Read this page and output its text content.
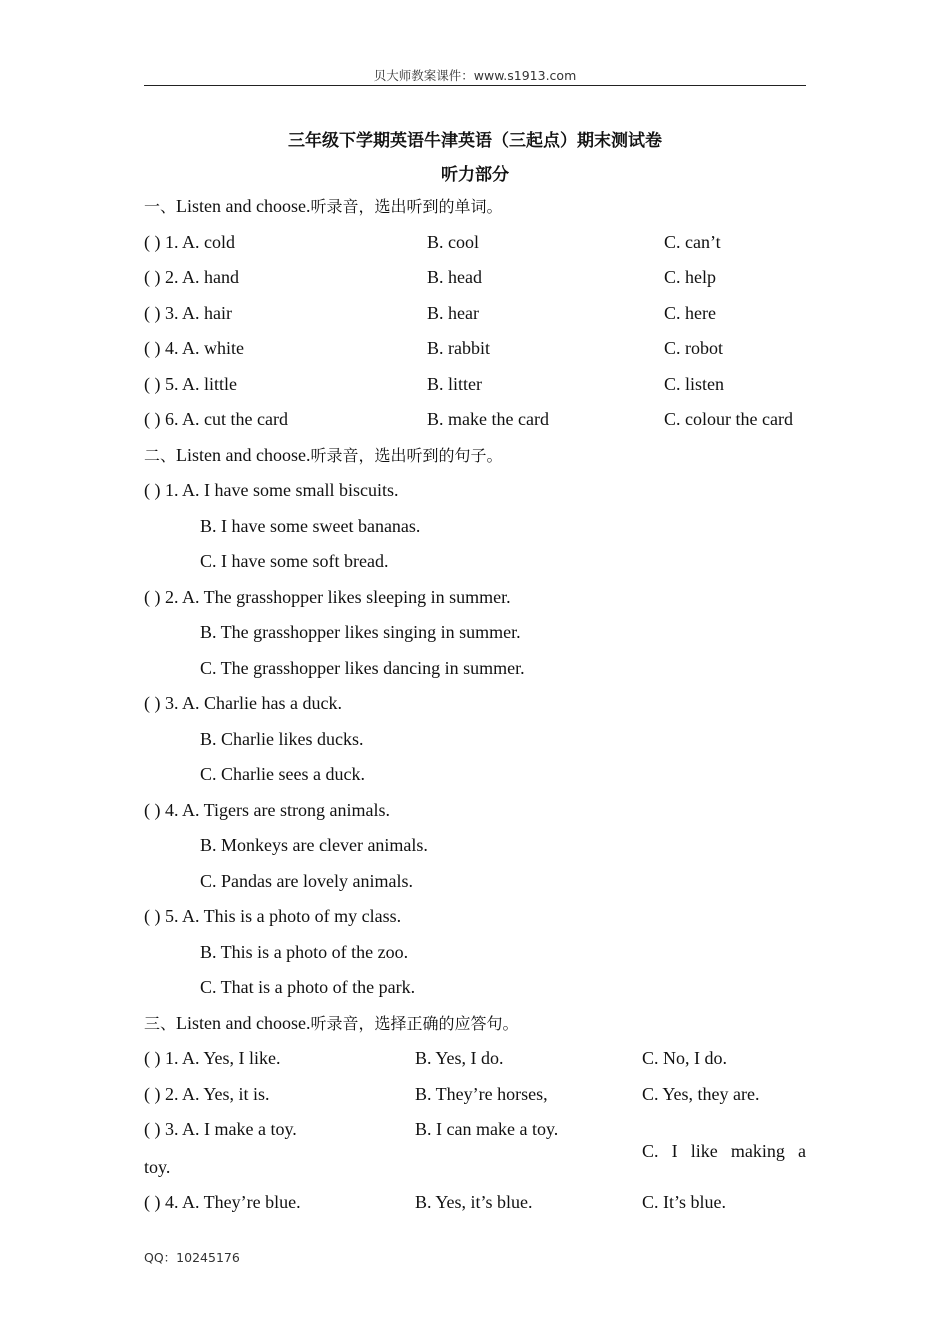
贝大师教案课件：www.s1913.com
三年级下学期英语牛津英语（三起点）期末测试卷
听力部分
一、Listen and choose.听录音，选出听到的单词。
( ) 1. A. cold	B. cool	C. can’t
( ) 2. A. hand	B. head	C. help
( ) 3. A. hair	B. hear	C. here
( ) 4. A. white	B. rabbit	C. robot
( ) 5. A. little	B. litter	C. listen
( ) 6. A. cut the card	B. make the card	C. colour the card
二、Listen and choose.听录音，选出听到的句子。
( ) 1. A. I have some small biscuits.
B. I have some sweet bananas.
C. I have some soft bread.
( ) 2. A. The grasshopper likes sleeping in summer.
B. The grasshopper likes singing in summer.
C. The grasshopper likes dancing in summer.
( ) 3. A. Charlie has a duck.
B. Charlie likes ducks.
C. Charlie sees a duck.
( ) 4. A. Tigers are strong animals.
B. Monkeys are clever animals.
C. Pandas are lovely animals.
( ) 5. A. This is a photo of my class.
B. This is a photo of the zoo.
C. That is a photo of the park.
三、Listen and choose.听录音，选择正确的应答句。
( ) 1. A. Yes, I like.	B. Yes, I do.	C. No, I do.
( ) 2. A. Yes, it is.	B. They’re horses,	C. Yes, they are.
( ) 3. A. I make a toy.	B. I can make a toy.
C. I like making a
toy.
( ) 4. A. They’re blue.	B. Yes, it’s blue.	C. It’s blue.
QQ：10245176
